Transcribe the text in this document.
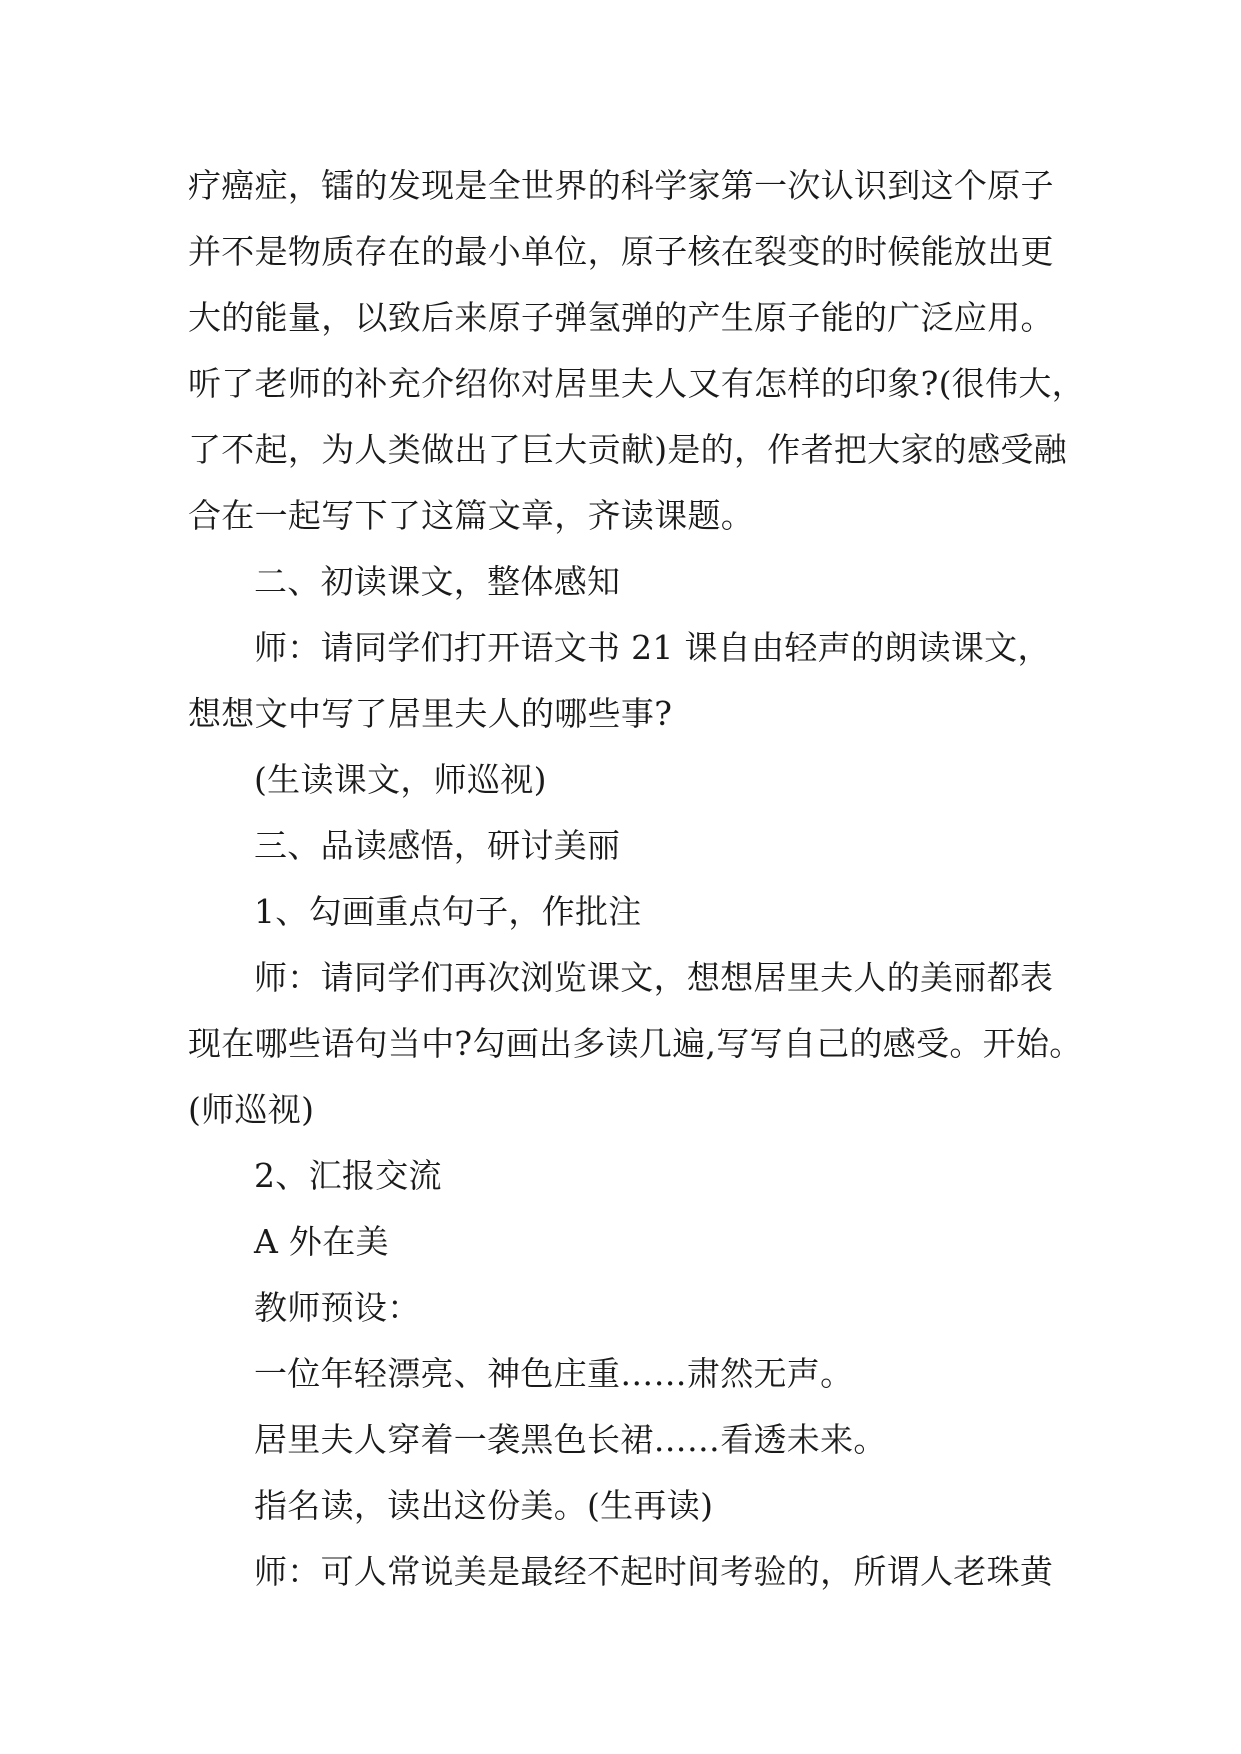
疗癌症，镭的发现是全世界的科学家第一次认识到这个原子
并不是物质存在的最小单位，原子核在裂变的时候能放出更
大的能量，以致后来原子弹氢弹的产生原子能的广泛应用。
听了老师的补充介绍你对居里夫人又有怎样的印象?(很伟大，
了不起，为人类做出了巨大贡献)是的，作者把大家的感受融
合在一起写下了这篇文章，齐读课题。
二、初读课文，整体感知
师：请同学们打开语文书 21 课自由轻声的朗读课文，
想想文中写了居里夫人的哪些事?
(生读课文，师巡视)
三、品读感悟，研讨美丽
1、勾画重点句子，作批注
师：请同学们再次浏览课文，想想居里夫人的美丽都表
现在哪些语句当中?勾画出多读几遍,写写自己的感受。开始。
(师巡视)
2、汇报交流
A 外在美
教师预设：
一位年轻漂亮、神色庄重……肃然无声。
居里夫人穿着一袭黑色长裙……看透未来。
指名读，读出这份美。(生再读)
师：可人常说美是最经不起时间考验的，所谓人老珠黄
